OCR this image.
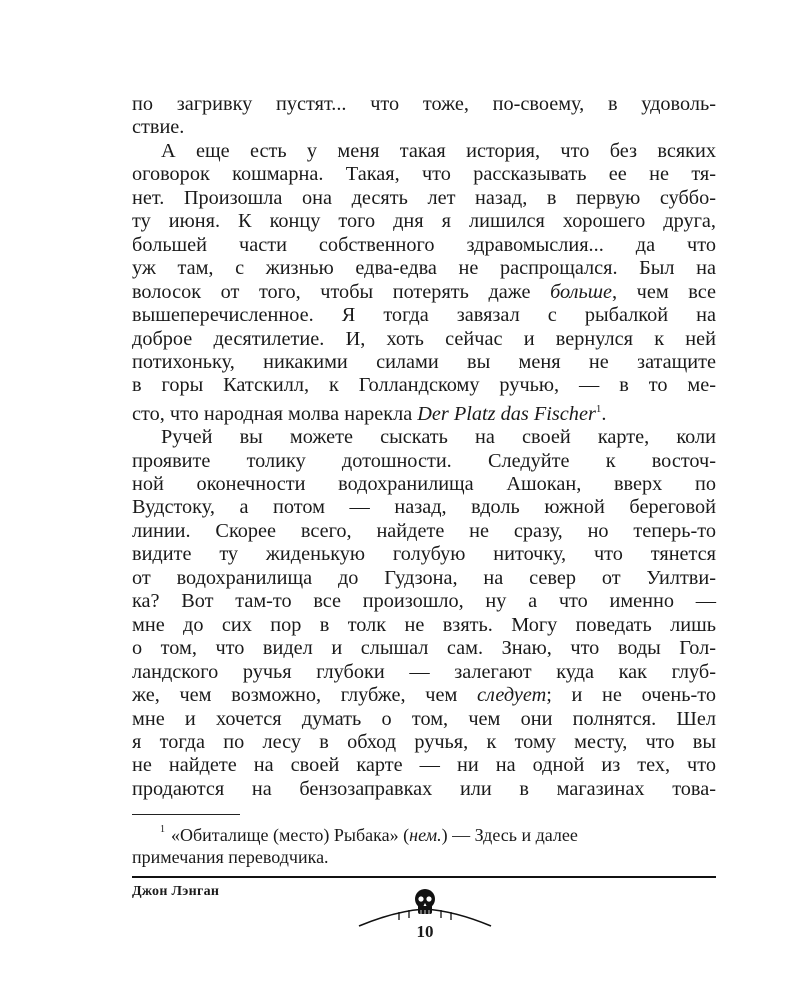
по загривку пустят... что тоже, по-своему, в удоволь-
ствие.
А еще есть у меня такая история, что без всяких
оговорок кошмарна. Такая, что рассказывать ее не тя-
нет. Произошла она десять лет назад, в первую суббо-
ту июня. К концу того дня я лишился хорошего друга,
большей части собственного здравомыслия... да что
уж там, с жизнью едва-едва не распрощался. Был на
волосок от того, чтобы потерять даже больше, чем все
вышеперечисленное. Я тогда завязал с рыбалкой на
доброе десятилетие. И, хоть сейчас и вернулся к ней
потихоньку, никакими силами вы меня не затащите
в горы Катскилл, к Голландскому ручью, — в то ме-
сто, что народная молва нарекла Der Platz das Fischer$^1$.
Ручей вы можете сыскать на своей карте, коли
проявите толику дотошности. Следуйте к восточ-
ной оконечности водохранилища Ашокан, вверх по
Вудстоку, а потом — назад, вдоль южной береговой
линии. Скорее всего, найдете не сразу, но теперь-то
видите ту жиденькую голубую ниточку, что тянется
от водохранилища до Гудзона, на север от Уилтви-
ка? Вот там-то все произошло, ну а что именно —
мне до сих пор в толк не взять. Могу поведать лишь
о том, что видел и слышал сам. Знаю, что воды Гол-
ландского ручья глубоки — залегают куда как глуб-
же, чем возможно, глубже, чем следует; и не очень-то
мне и хочется думать о том, чем они полнятся. Шел
я тогда по лесу в обход ручья, к тому месту, что вы
не найдете на своей карте — ни на одной из тех, что
продаются на бензозаправках или в магазинах това-
$^1$ «Обиталище (место) Рыбака» (нем.) — Здесь и далее
примечания переводчика.
Джон Лэнган
10
